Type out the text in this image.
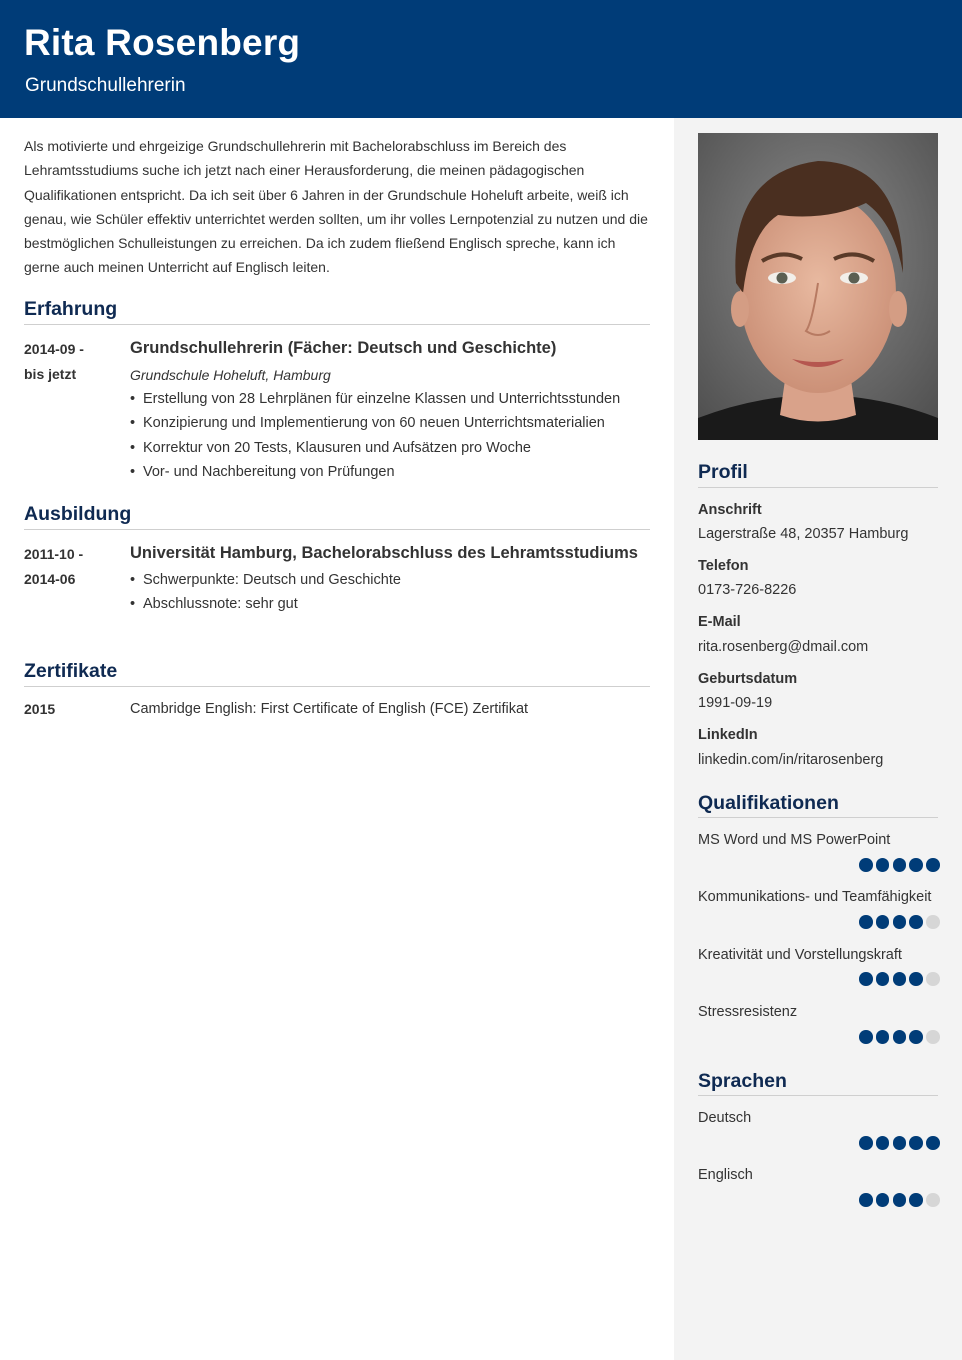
Rita Rosenberg
Grundschullehrerin
Als motivierte und ehrgeizige Grundschullehrerin mit Bachelorabschluss im Bereich des Lehramtsstudiums suche ich jetzt nach einer Herausforderung, die meinen pädagogischen Qualifikationen entspricht. Da ich seit über 6 Jahren in der Grundschule Hoheluft arbeite, weiß ich genau, wie Schüler effektiv unterrichtet werden sollten, um ihr volles Lernpotenzial zu nutzen und die bestmöglichen Schulleistungen zu erreichen. Da ich zudem fließend Englisch spreche, kann ich gerne auch meinen Unterricht auf Englisch leiten.
Erfahrung
2014-09 -
bis jetzt
Grundschullehrerin (Fächer: Deutsch und Geschichte)
Grundschule Hoheluft, Hamburg
• Erstellung von 28 Lehrplänen für einzelne Klassen und Unterrichtsstunden
• Konzipierung und Implementierung von 60 neuen Unterrichtsmaterialien
• Korrektur von 20 Tests, Klausuren und Aufsätzen pro Woche
• Vor- und Nachbereitung von Prüfungen
Ausbildung
2011-10 -
2014-06
Universität Hamburg, Bachelorabschluss des Lehramtsstudiums
• Schwerpunkte: Deutsch und Geschichte
• Abschlussnote: sehr gut
Zertifikate
2015	Cambridge English: First Certificate of English (FCE) Zertifikat
Profil
Anschrift
Lagerstraße 48, 20357 Hamburg
Telefon
0173-726-8226
E-Mail
rita.rosenberg@dmail.com
Geburtsdatum
1991-09-19
LinkedIn
linkedin.com/in/ritarosenberg
Qualifikationen
MS Word und MS PowerPoint
Kommunikations- und Teamfähigkeit
Kreativität und Vorstellungskraft
Stressresistenz
Sprachen
Deutsch
Englisch
